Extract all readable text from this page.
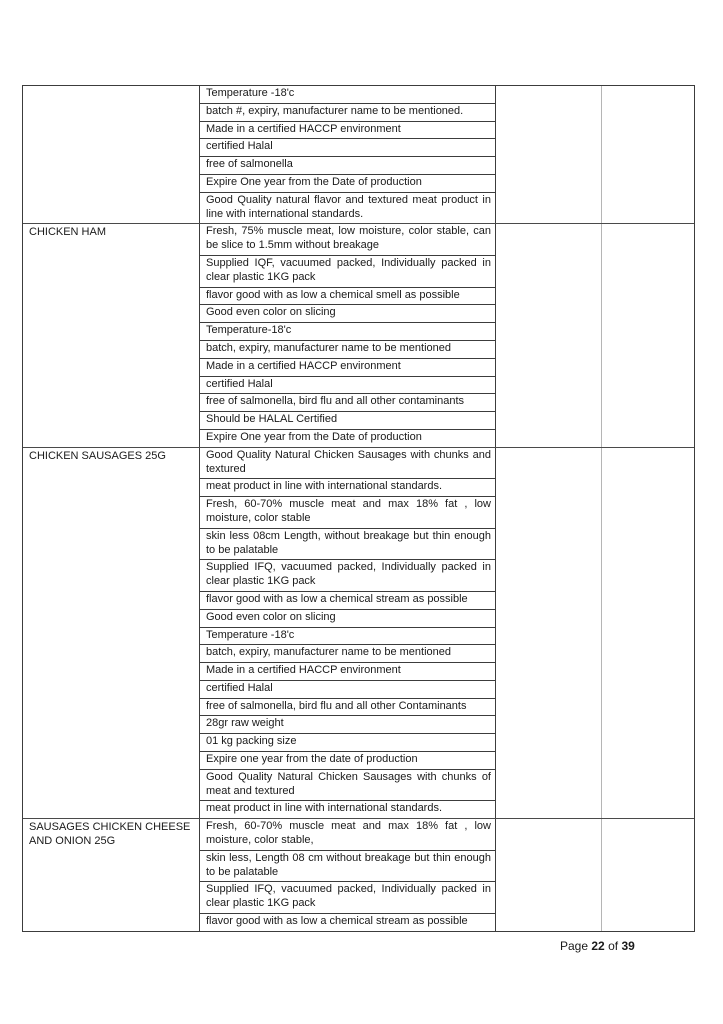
Temperature -18'c
batch #, expiry, manufacturer name to be mentioned.
Made in a certified HACCP environment
certified Halal
free of salmonella
Expire One year from the Date of production
Good Quality natural flavor and textured meat product in line with international standards.
CHICKEN HAM	Fresh, 75% muscle meat, low moisture, color stable, can be slice to 1.5mm without breakage
Supplied IQF, vacuumed packed, Individually packed in clear plastic 1KG pack
flavor good with as low a chemical smell as possible
Good even color on slicing
Temperature-18'c
batch, expiry, manufacturer name to be mentioned
Made in a certified HACCP environment
certified Halal
free of salmonella, bird flu and all other contaminants
Should be HALAL Certified
Expire One year from the Date of production
CHICKEN SAUSAGES 25G	Good Quality Natural Chicken Sausages with chunks and textured
meat product in line with international standards.
Fresh, 60-70% muscle meat and max 18% fat , low moisture, color stable
skin less 08cm Length, without breakage but thin enough to be palatable
Supplied IFQ, vacuumed packed, Individually packed in clear plastic 1KG pack
flavor good with as low a chemical stream as possible
Good even color on slicing
Temperature -18'c
batch, expiry, manufacturer name to be mentioned
Made in a certified HACCP environment
certified Halal
free of salmonella, bird flu and all other Contaminants
28gr raw weight
01 kg packing size
Expire one year from the date of production
Good Quality Natural Chicken Sausages with chunks of meat and textured
meat product in line with international standards.
SAUSAGES CHICKEN CHEESE AND ONION 25G
Fresh, 60-70% muscle meat and max 18% fat , low moisture, color stable,
skin less, Length 08 cm without breakage but thin enough to be palatable
Supplied IFQ, vacuumed packed, Individually packed in clear plastic 1KG pack
flavor good with as low a chemical stream as possible
Page 22 of 39
